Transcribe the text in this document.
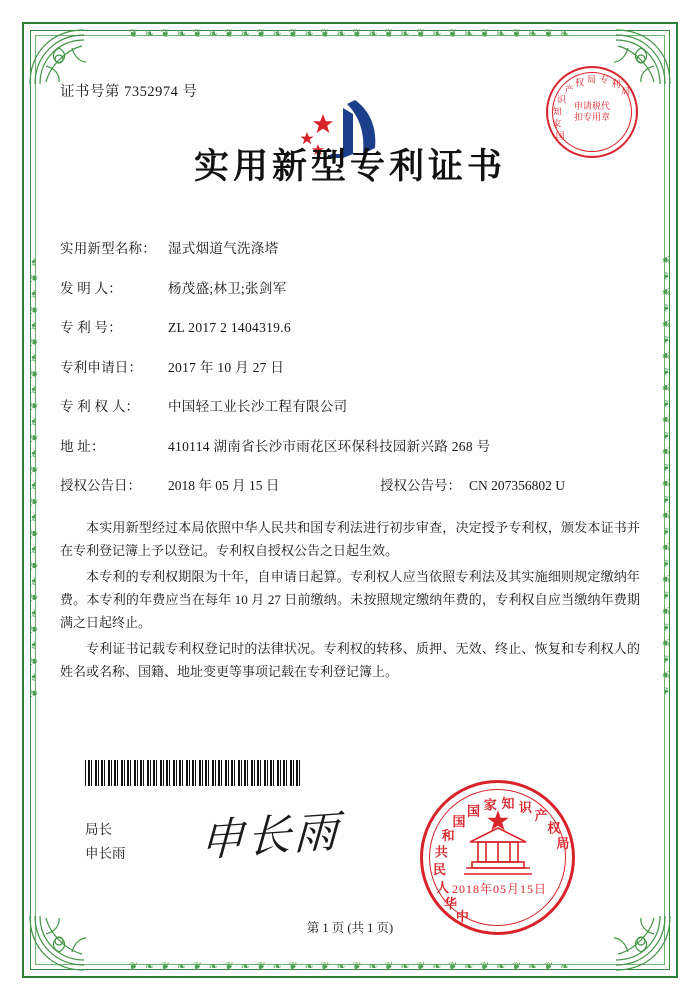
❦ ❧ ❦ ❧ ❦ ❧ ❦ ❧ ❦ ❧ ❦ ❧ ❦ ❧ ❦ ❧ ❦ ❧ ❦ ❧ ❦ ❧ ❦ ❧ ❦ ❧ ❦ ❧
❦ ❧ ❦ ❧ ❦ ❧ ❦ ❧ ❦ ❧ ❦ ❧ ❦ ❧ ❦ ❧ ❦ ❧ ❦ ❧ ❦ ❧ ❦ ❧ ❦ ❧ ❦ ❧
❦ ❧ ❦ ❧ ❦ ❧ ❦ ❧ ❦ ❧ ❦ ❧ ❦ ❧ ❦ ❧ ❦ ❧ ❦ ❧ ❦ ❧ ❦ ❧ ❦ ❧ ❦ ❧	❦ ❧ ❦ ❧ ❦ ❧ ❦ ❧ ❦ ❧ ❦ ❧ ❦ ❧ ❦ ❧ ❦ ❧ ❦ ❧ ❦ ❧ ❦ ❧ ❦ ❧ ❦ ❧
国
家
知
识
产
权 局 专 利
局
申请税代扣专用章
证书号第 7352974 号
实用新型专利证书
实用新型名称： 湿式烟道气洗涤塔
发 明 人：	杨茂盛;林卫;张剑军
专 利 号：	ZL 2017 2 1404319.6
专利申请日：	2017 年 10 月 27 日
专 利 权 人：	中国轻工业长沙工程有限公司
地 址：	410114 湖南省长沙市雨花区环保科技园新兴路 268 号
授权公告日：	2018 年 05 月 15 日	授权公告号： CN 207356802 U

本实用新型经过本局依照中华人民共和国专利法进行初步审查，决定授予专利权，颁发本证书并在专利登记簿上予以登记。专利权自授权公告之日起生效。

本专利的专利权期限为十年，自申请日起算。专利权人应当依照专利法及其实施细则规定缴纳年费。本专利的年费应当在每年 10 月 27 日前缴纳。未按照规定缴纳年费的，专利权自应当缴纳年费期满之日起终止。

专利证书记载专利权登记时的法律状况。专利权的转移、质押、无效、终止、恢复和专利权人的姓名或名称、国籍、地址变更等事项记载在专利登记簿上。

局长
申长雨 申长雨
中
华
人
民
共
和
国
国 家 知 识
产
权
局
2018年05月15日
第 1 页 (共 1 页)
